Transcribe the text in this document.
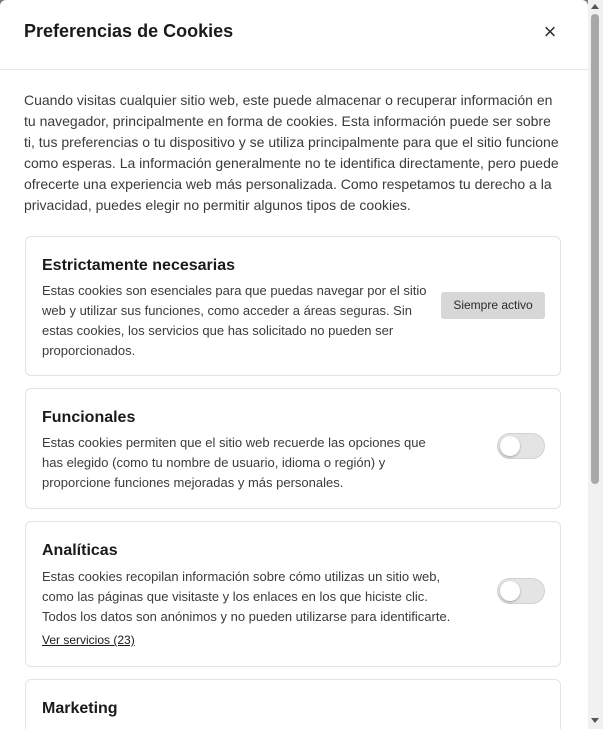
Preferencias de Cookies	×
Cuando visitas cualquier sitio web, este puede almacenar o recuperar información en tu navegador, principalmente en forma de cookies. Esta información puede ser sobre ti, tus preferencias o tu dispositivo y se utiliza principalmente para que el sitio funcione como esperas. La información generalmente no te identifica directamente, pero puede ofrecerte una experiencia web más personalizada. Como respetamos tu derecho a la privacidad, puedes elegir no permitir algunos tipos de cookies.
Estrictamente necesarias
Estas cookies son esenciales para que puedas navegar por el sitio web y utilizar sus funciones, como acceder a áreas seguras. Sin estas cookies, los servicios que has solicitado no pueden ser proporcionados.
Siempre activo
Funcionales
Estas cookies permiten que el sitio web recuerde las opciones que has elegido (como tu nombre de usuario, idioma o región) y proporcione funciones mejoradas y más personales.
Analíticas
Estas cookies recopilan información sobre cómo utilizas un sitio web, como las páginas que visitaste y los enlaces en los que hiciste clic. Todos los datos son anónimos y no pueden utilizarse para identificarte.
Ver servicios (23)
Marketing
